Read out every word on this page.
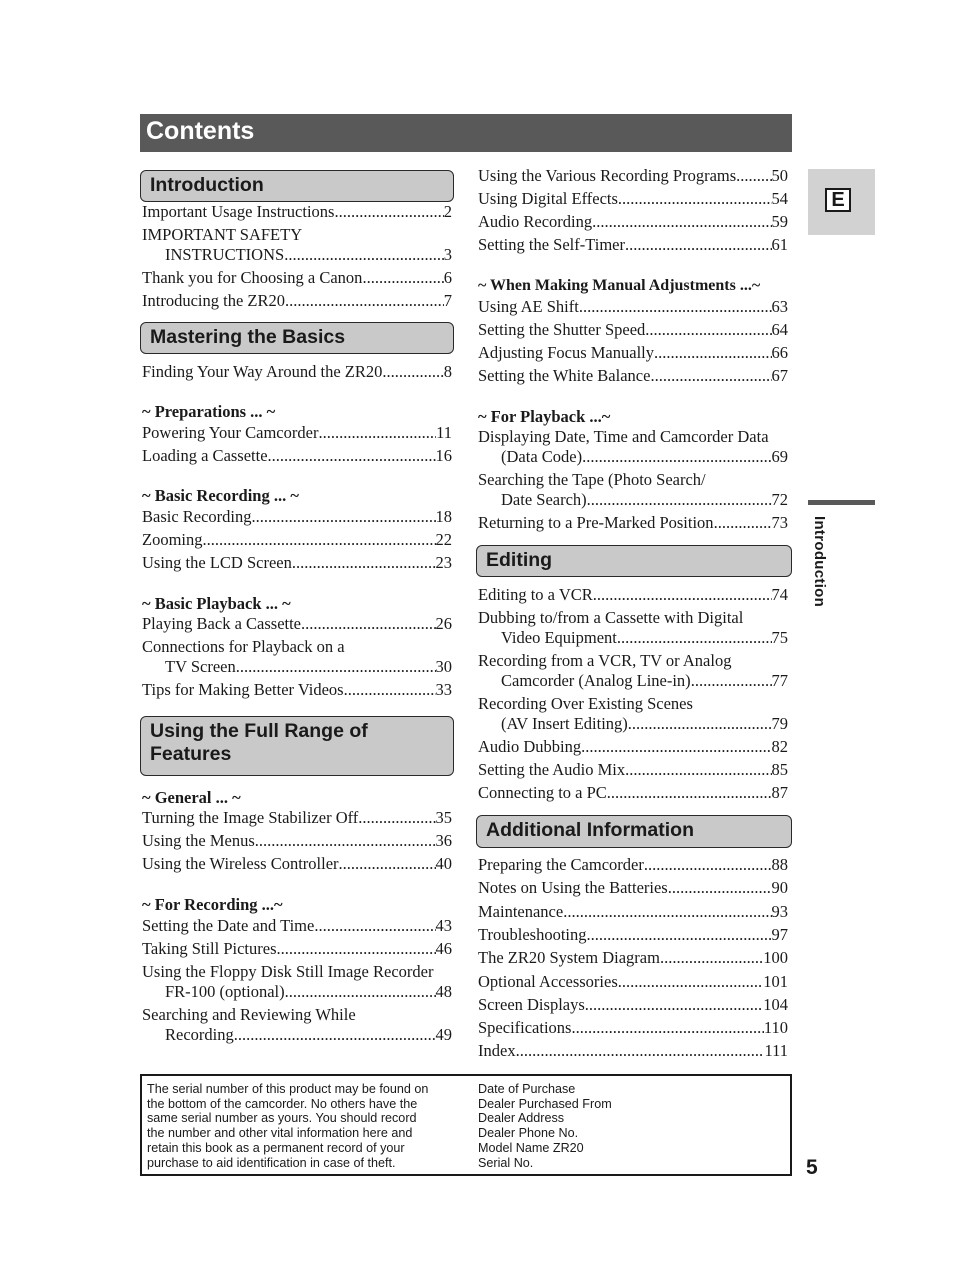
Contents
E
Introduction
5
Introduction
Important Usage Instructions .....	2
IMPORTANT SAFETY
INSTRUCTIONS .....	3
Thank you for Choosing a Canon .....	6
Introducing the ZR20 .....	7
Mastering the Basics
Finding Your Way Around the ZR20 .....	8
~ Preparations ... ~
Powering Your Camcorder .....	11
Loading a Cassette .....	16
~ Basic Recording ... ~
Basic Recording .....	18
Zooming .....	22
Using the LCD Screen .....	23
~ Basic Playback ... ~
Playing Back a Cassette .....	26
Connections for Playback on a
TV Screen .....	30
Tips for Making Better Videos .....	33
Using the Full Range of
Features
~ General ... ~
Turning the Image Stabilizer Off .....	35
Using the Menus .....	36
Using the Wireless Controller .....	40
~ For Recording ...~
Setting the Date and Time .....	43
Taking Still Pictures .....	46
Using the Floppy Disk Still Image Recorder
FR-100 (optional) .....	48
Searching and Reviewing While
Recording .....	49
Using the Various Recording Programs ..... 50
Using Digital Effects .....	54
Audio Recording .....	59
Setting the Self-Timer .....	61
~ When Making Manual Adjustments ...~
Using AE Shift .....	63
Setting the Shutter Speed .....	64
Adjusting Focus Manually .....	66
Setting the White Balance .....	67
~ For Playback ...~
Displaying Date, Time and Camcorder Data
(Data Code) .....	69
Searching the Tape (Photo Search/
Date Search) .....	72
Returning to a Pre-Marked Position .....	73
Editing
Editing to a VCR .....	74
Dubbing to/from a Cassette with Digital
Video Equipment .....	75
Recording from a VCR, TV or Analog
Camcorder (Analog Line-in) .....	77
Recording Over Existing Scenes
(AV Insert Editing) .....	79
Audio Dubbing .....	82
Setting the Audio Mix .....	85
Connecting to a PC .....	87
Additional Information
Preparing the Camcorder .....	88
Notes on Using the Batteries .....	90
Maintenance .....	93
Troubleshooting .....	97
The ZR20 System Diagram .....	100
Optional Accessories .....	101
Screen Displays .....	104
Specifications .....	110
Index .....	111
The serial number of this product may be found on
the bottom of the camcorder. No others have the
same serial number as yours. You should record
the number and other vital information here and
retain this book as a permanent record of your
purchase to aid identification in case of theft.
Date of Purchase
Dealer Purchased From
Dealer Address
Dealer Phone No.
Model Name ZR20
Serial No.
